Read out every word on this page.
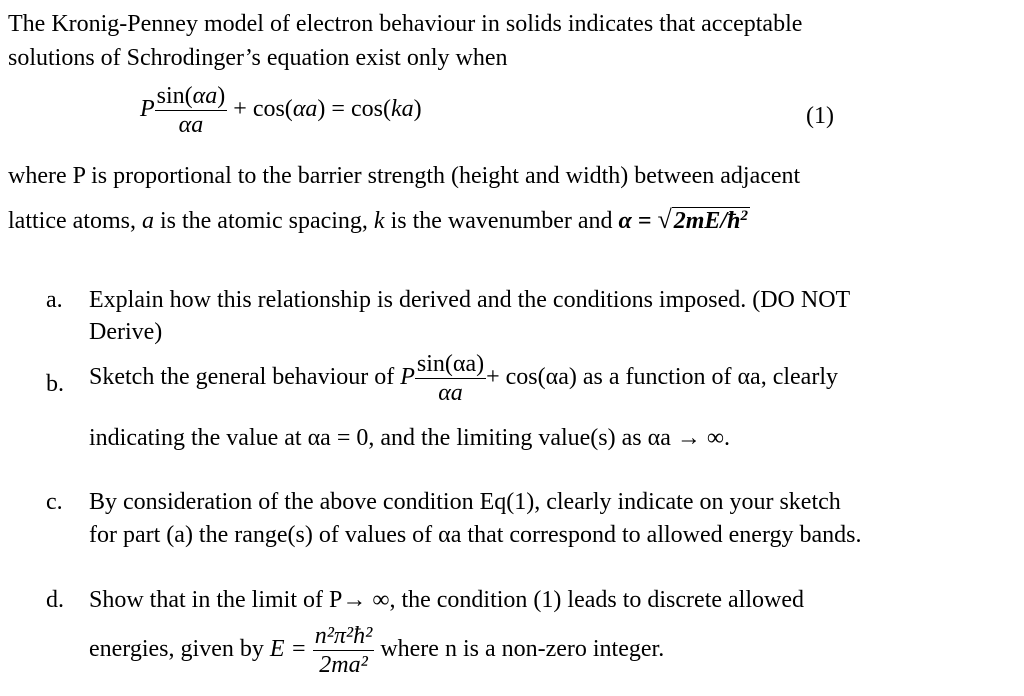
The Kronig-Penney model of electron behaviour in solids indicates that acceptable
solutions of Schrodinger’s equation exist only when
P $\frac{\sin(\alpha a)}{\alpha a} + \cos(\alpha a) = \cos(ka)$	(1)
where P is proportional to the barrier strength (height and width) between adjacent
lattice atoms, a is the atomic spacing, k is the wavenumber and $\alpha = √2mE/ħ^2$
a. Explain how this relationship is derived and the conditions imposed. (DO NOT
Derive)
b. Sketch the general behaviour of P $\frac{\sin(\alpha a)}{\alpha a} + \cos(\alpha a)$ as a function of αa, clearly
indicating the value at αa = 0, and the limiting value(s) as αa → ∞.
c. By consideration of the above condition Eq(1), clearly indicate on your sketch
for part (a) the range(s) of values of αa that correspond to allowed energy bands.
d. Show that in the limit of P→ ∞, the condition (1) leads to discrete allowed
energies, given by $E = \frac{\text{n²π²ħ²}}{\text{2ma²}}$ where n is a non-zero integer.
